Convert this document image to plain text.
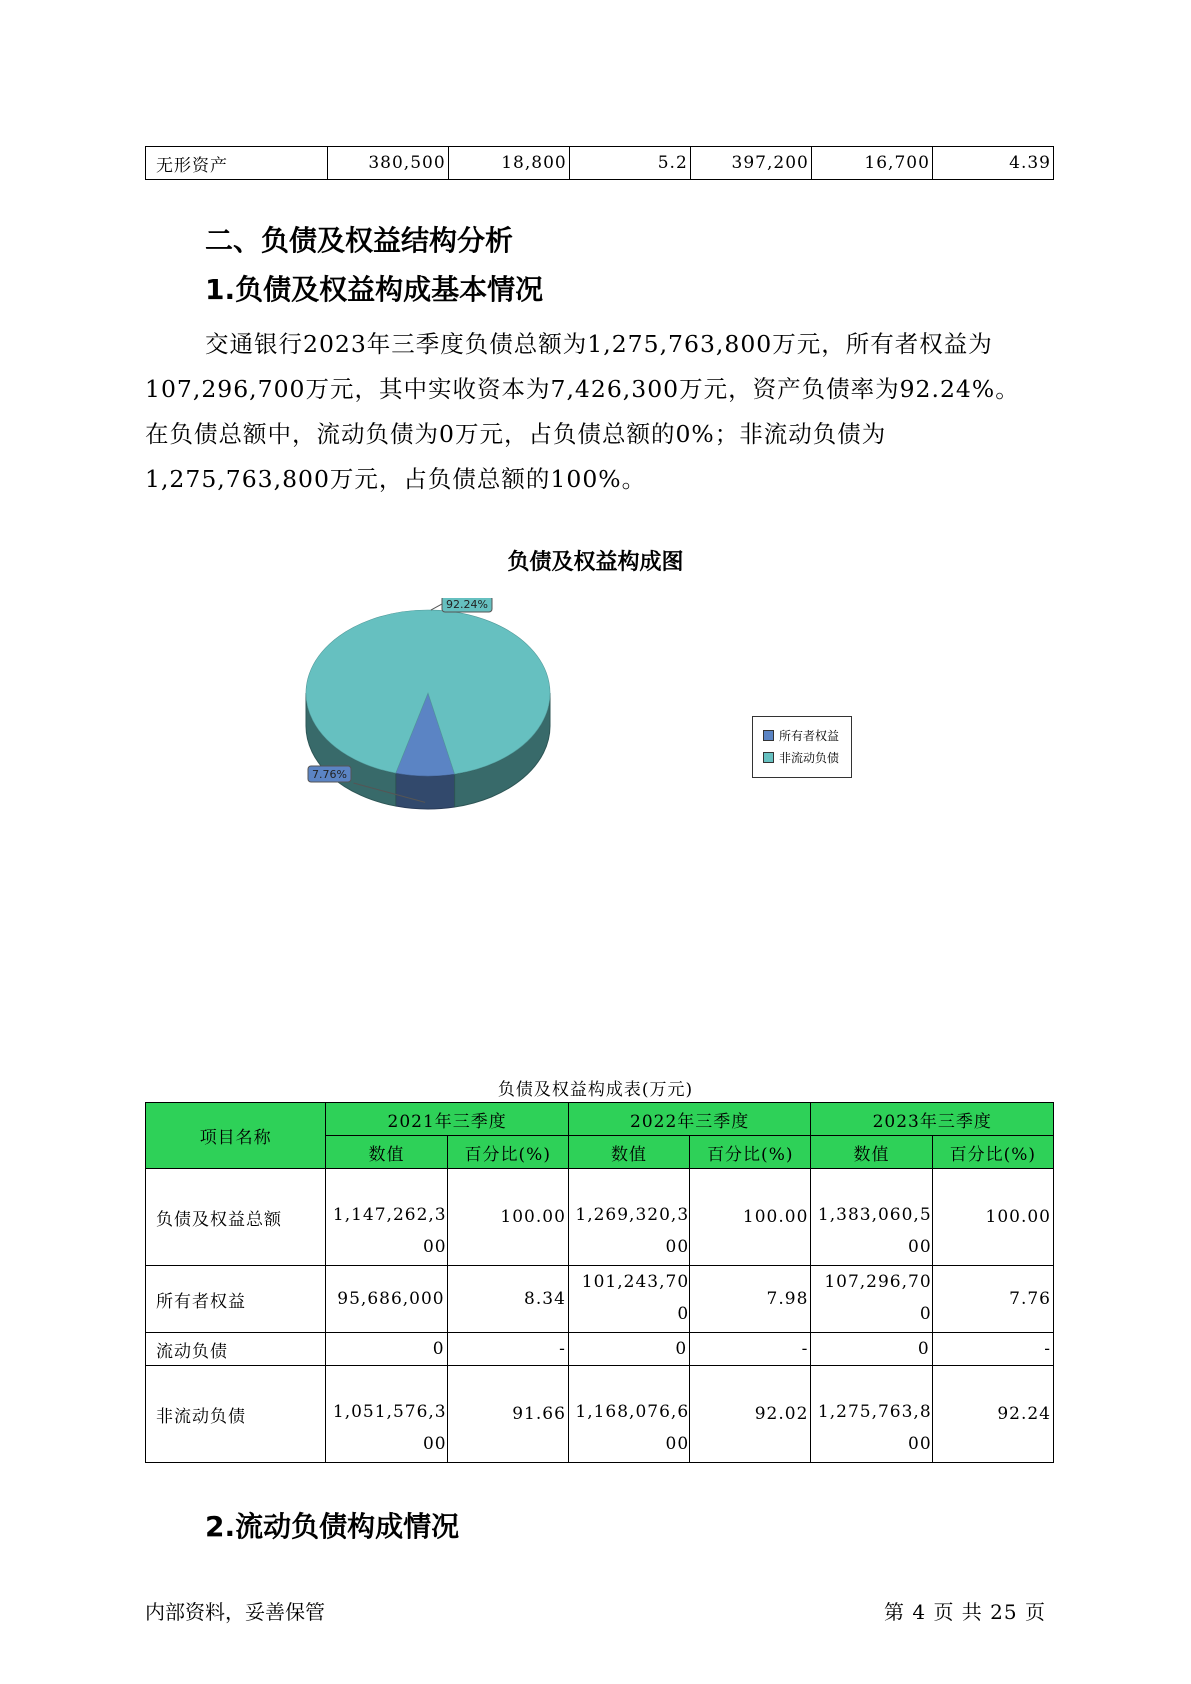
无形资产	380,500	18,800	5.2	397,200	16,700	4.39
二、负债及权益结构分析
1.负债及权益构成基本情况
交通银行2023年三季度负债总额为1,275,763,800万元，所有者权益为
107,296,700万元，其中实收资本为7,426,300万元，资产负债率为92.24%。
在负债总额中，流动负债为0万元，占负债总额的0%；非流动负债为
1,275,763,800万元，占负债总额的100%。
负债及权益构成图
7.76%
92.24%
所有者权益
非流动负债
负债及权益构成表(万元)
项目名称	2021年三季度		2022年三季度		2023年三季度	
	数值	百分比(%)	数值	百分比(%)	数值	百分比(%)
负债及权益总额	1,147,262,300	100.00	1,269,320,300	100.00	1,383,060,500	100.00
所有者权益	95,686,000	8.34	101,243,700	7.98	107,296,700	7.76
流动负债	0	-	0	-	0	-
非流动负债	1,051,576,300	91.66	1,168,076,600	92.02	1,275,763,800	92.24
2.流动负债构成情况
内部资料，妥善保管	第 4 页 共 25 页
